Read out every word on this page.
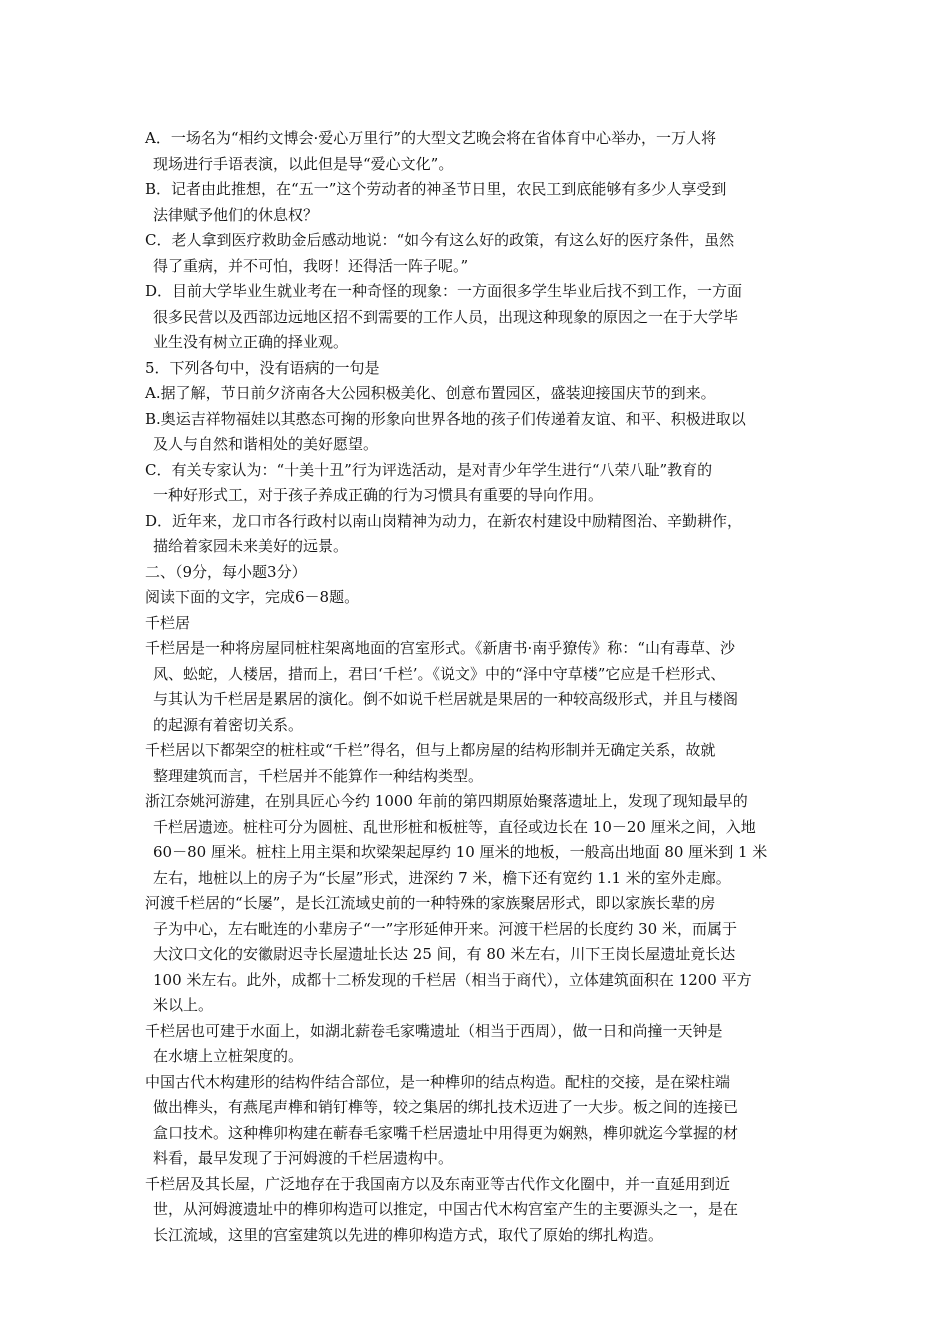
A．一场名为“相约文博会·爱心万里行”的大型文艺晚会将在省体育中心举办，一万人将
现场进行手语表演，以此但是导“爱心文化”。
B．记者由此推想，在“五一”这个劳动者的神圣节日里，农民工到底能够有多少人享受到
法律赋予他们的休息权？
C．老人拿到医疗救助金后感动地说：“如今有这么好的政策，有这么好的医疗条件，虽然
得了重病，并不可怕，我呀！还得活一阵子呢。”
D．目前大学毕业生就业考在一种奇怪的现象：一方面很多学生毕业后找不到工作，一方面
很多民营以及西部边远地区招不到需要的工作人员，出现这种现象的原因之一在于大学毕
业生没有树立正确的择业观。
5．下列各句中，没有语病的一句是
A.据了解，节日前夕济南各大公园积极美化、创意布置园区，盛装迎接国庆节的到来。
B.奥运吉祥物福娃以其憨态可掬的形象向世界各地的孩子们传递着友谊、和平、积极进取以
及人与自然和谐相处的美好愿望。
C．有关专家认为：“十美十丑”行为评选活动，是对青少年学生进行“八荣八耻”教育的
一种好形式工，对于孩子养成正确的行为习惯具有重要的导向作用。
D．近年来，龙口市各行政村以南山岗精神为动力，在新农村建设中励精图治、辛勤耕作，
描给着家园未来美好的远景。
二、（9分，每小题3分）
阅读下面的文字，完成6－8题。
千栏居
千栏居是一种将房屋同桩柱架离地面的宫室形式。《新唐书·南乎獠传》称：“山有毒草、沙
风、蚣蛇，人楼居，措而上，君曰‘千栏’。《说文》中的“泽中守草楼”它应是千栏形式、
与其认为千栏居是累居的演化。倒不如说千栏居就是果居的一种较高级形式，并且与楼阁
的起源有着密切关系。
千栏居以下都架空的桩柱或“千栏”得名，但与上都房屋的结构形制并无确定关系，故就
整理建筑而言，千栏居并不能算作一种结构类型。
浙江奈姚河游建，在别具匠心今约 1000 年前的第四期原始聚落遗址上，发现了现知最早的
千栏居遗迹。桩柱可分为圆桩、乱世形桩和板桩等，直径或边长在 10－20 厘米之间，入地
60－80 厘米。桩柱上用主渠和坎梁架起厚约 10 厘米的地板，一般高出地面 80 厘米到 1 米
左右，地桩以上的房子为“长屋”形式，进深约 7 米，檐下还有宽约 1.1 米的室外走廊。
河渡千栏居的“长屡”，是长江流域史前的一种特殊的家族聚居形式，即以家族长辈的房
子为中心，左右毗连的小辈房子“一”字形延伸开来。河渡干栏居的长度约 30 米，而属于
大汶口文化的安徽尉迟寺长屋遗址长达 25 间，有 80 米左右，川下王岗长屋遗址竟长达
100 米左右。此外，成都十二桥发现的千栏居（相当于商代），立体建筑面积在 1200 平方
米以上。
千栏居也可建于水面上，如湖北薪卷毛家嘴遗址（相当于西周），做一日和尚撞一天钟是
在水塘上立桩架度的。
中国古代木构建形的结构件结合部位，是一种榫卯的结点构造。配柱的交接，是在梁柱端
做出榫头，有燕尾声榫和销钉榫等，较之集居的绑扎技术迈进了一大步。板之间的连接已
盒口技术。这种榫卯构建在蕲春毛家嘴千栏居遗址中用得更为娴熟，榫卯就迄今掌握的材
料看，最早发现了于河姆渡的千栏居遗构中。
千栏居及其长屋，广泛地存在于我国南方以及东南亚等古代作文化圈中，并一直延用到近
世，从河姆渡遗址中的榫卯构造可以推定，中国古代木构宫室产生的主要源头之一，是在
长江流域，这里的宫室建筑以先进的榫卯构造方式，取代了原始的绑扎构造。
